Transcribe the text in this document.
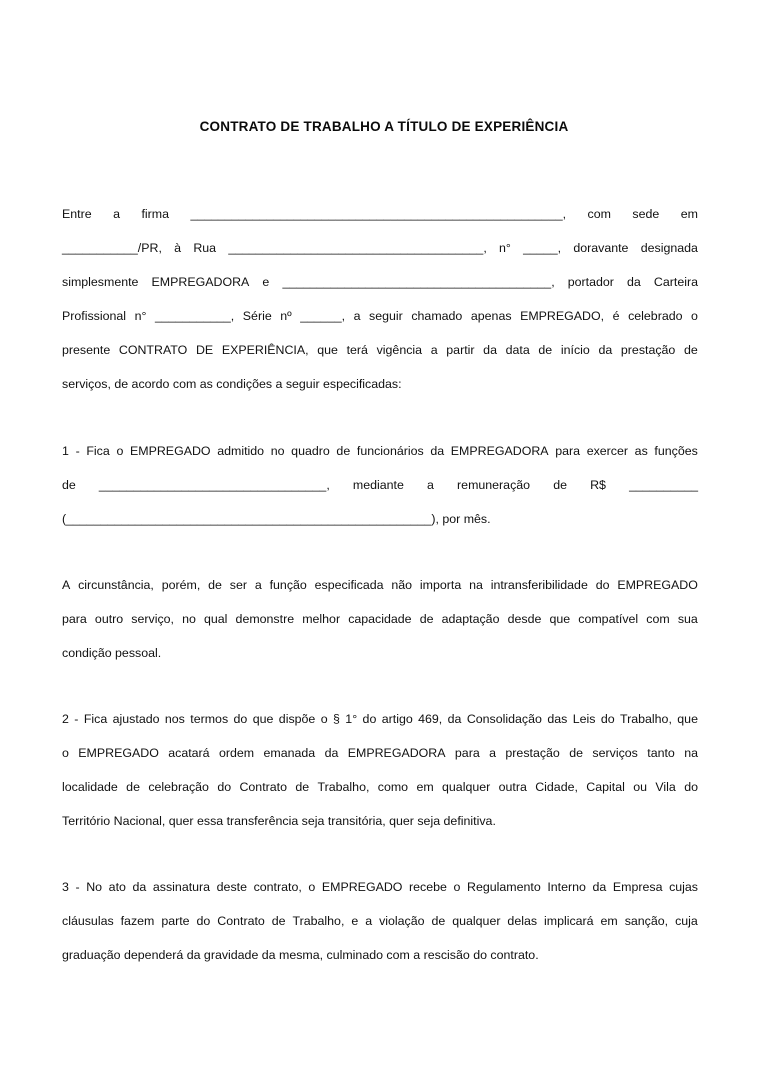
CONTRATO DE TRABALHO A TÍTULO DE EXPERIÊNCIA
Entre a firma ______________________________________________________, com sede em
___________/PR, à Rua _____________________________________, n° _____, doravante designada
simplesmente EMPREGADORA e _______________________________________, portador da Carteira
Profissional n° ___________, Série nº ______, a seguir chamado apenas EMPREGADO, é celebrado o
presente CONTRATO DE EXPERIÊNCIA, que terá vigência a partir da data de início da prestação de
serviços, de acordo com as condições a seguir especificadas:
1 - Fica o EMPREGADO admitido no quadro de funcionários da EMPREGADORA para exercer as funções
de _________________________________, mediante a remuneração de R$ __________
(_____________________________________________________), por mês.
A circunstância, porém, de ser a função especificada não importa na intransferibilidade do EMPREGADO
para outro serviço, no qual demonstre melhor capacidade de adaptação desde que compatível com sua
condição pessoal.
2 - Fica ajustado nos termos do que dispõe o § 1° do artigo 469, da Consolidação das Leis do Trabalho, que
o EMPREGADO acatará ordem emanada da EMPREGADORA para a prestação de serviços tanto na
localidade de celebração do Contrato de Trabalho, como em qualquer outra Cidade, Capital ou Vila do
Território Nacional, quer essa transferência seja transitória, quer seja definitiva.
3 - No ato da assinatura deste contrato, o EMPREGADO recebe o Regulamento Interno da Empresa cujas
cláusulas fazem parte do Contrato de Trabalho, e a violação de qualquer delas implicará em sanção, cuja
graduação dependerá da gravidade da mesma, culminado com a rescisão do contrato.
